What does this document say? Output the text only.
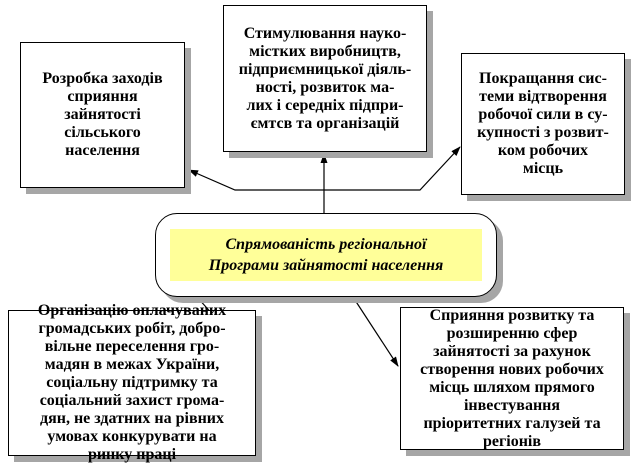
Розробка заходів
сприяння
зайнятості
сільського
населення
Стимулювання науко-
містких виробництв,
підприємницької діяль-
ності, розвиток ма-
лих і середніх підпри-
ємтсв та організацій
Покращання сис-
теми відтворення
робочої сили в су-
купності з розвит-
ком робочих
місць
Спрямованість регіональної
Програми зайнятості населення
Організацію оплачуваних
громадських робіт, добро-
вільне переселення гро-
мадян в межах України,
соціальну підтримку та
соціальний захист грома-
дян, не здатних на рівних
умовах конкурувати на
ринку праці
Сприяння розвитку та
розширенню сфер
зайнятості за рахунок
створення нових робочих
місць шляхом прямого
інвестування
пріоритетних галузей та
регіонів
